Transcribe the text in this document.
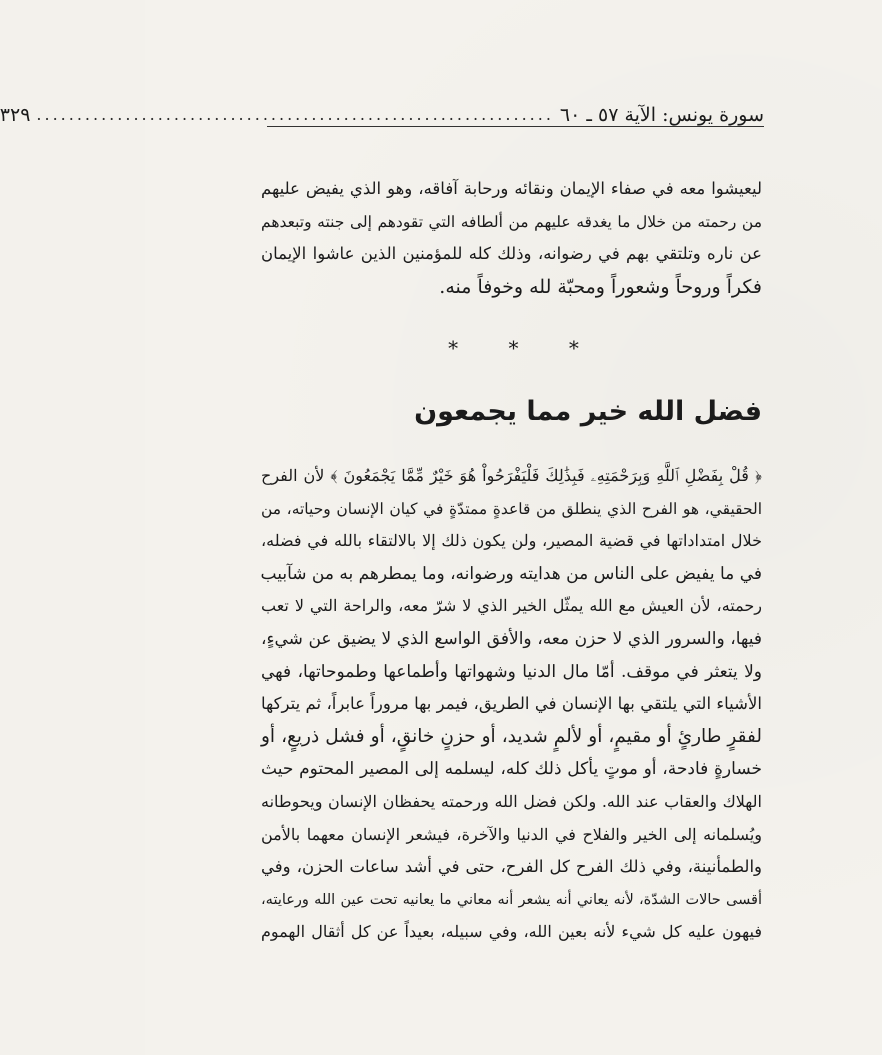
سورة يونس: الآية ٥٧ ـ ٦٠
................................................................
٣٢٩
ليعيشوا معه في صفاء الإيمان ونقائه ورحابة آفاقه، وهو الذي يفيض عليهم
من رحمته من خلال ما يغدقه عليهم من ألطافه التي تقودهم إلى جنته وتبعدهم
عن ناره وتلتقي بهم في رضوانه، وذلك كله للمؤمنين الذين عاشوا الإيمان
فكراً وروحاً وشعوراً ومحبّة لله وخوفاً منه.
* * *
فضل الله خير مما يجمعون
﴿ قُلْ بِفَضْلِ ٱللَّهِ وَبِرَحْمَتِهِۦ فَبِذَٰلِكَ فَلْيَفْرَحُواْ هُوَ خَيْرٌ مِّمَّا يَجْمَعُونَ ﴾ لأن الفرح
الحقيقي، هو الفرح الذي ينطلق من قاعدةٍ ممتدّةٍ في كيان الإنسان وحياته، من
خلال امتداداتها في قضية المصير، ولن يكون ذلك إلا بالالتقاء بالله في فضله،
في ما يفيض على الناس من هدايته ورضوانه، وما يمطرهم به من شآبيب
رحمته، لأن العيش مع الله يمثّل الخير الذي لا شرّ معه، والراحة التي لا تعب
فيها، والسرور الذي لا حزن معه، والأفق الواسع الذي لا يضيق عن شيءٍ،
ولا يتعثر في موقف. أمّا مال الدنيا وشهواتها وأطماعها وطموحاتها، فهي
الأشياء التي يلتقي بها الإنسان في الطريق، فيمر بها مروراً عابراً، ثم يتركها
لفقرٍ طارئٍ أو مقيمٍ، أو لألمٍ شديد، أو حزنٍ خانقٍ، أو فشل ذريعٍ، أو
خسارةٍ فادحة، أو موتٍ يأكل ذلك كله، ليسلمه إلى المصير المحتوم حيث
الهلاك والعقاب عند الله. ولكن فضل الله ورحمته يحفظان الإنسان ويحوطانه
ويُسلمانه إلى الخير والفلاح في الدنيا والآخرة، فيشعر الإنسان معهما بالأمن
والطمأنينة، وفي ذلك الفرح كل الفرح، حتى في أشد ساعات الحزن، وفي
أقسى حالات الشدّة، لأنه يعاني أنه يشعر أنه معاني ما يعانيه تحت عين الله ورعايته،
فيهون عليه كل شيء لأنه بعين الله، وفي سبيله، بعيداً عن كل أثقال الهموم
